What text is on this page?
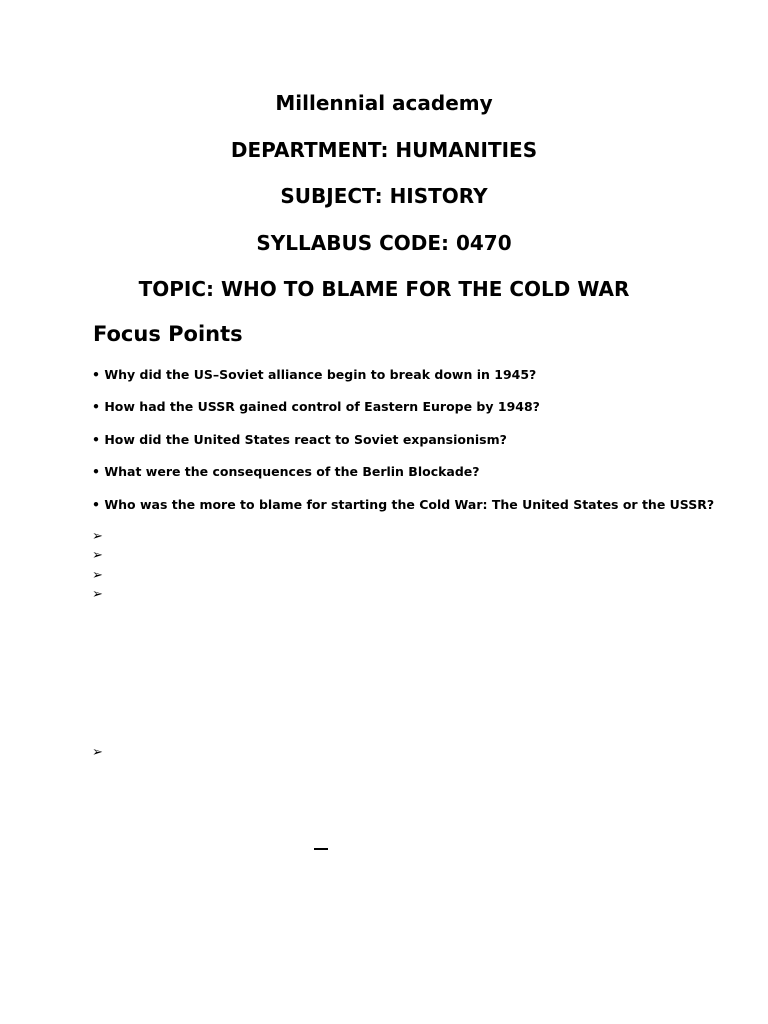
Millennial academy
DEPARTMENT: HUMANITIES
SUBJECT: HISTORY
SYLLABUS CODE: 0470
TOPIC: WHO TO BLAME FOR THE COLD WAR
Focus Points

• Why did the US–Soviet alliance begin to break down in 1945?

• How had the USSR gained control of Eastern Europe by 1948?

• How did the United States react to Soviet expansionism?

• What were the consequences of the Berlin Blockade?

• Who was the more to blame for starting the Cold War: The United States or the USSR?

➢
➢
➢
➢
➢
